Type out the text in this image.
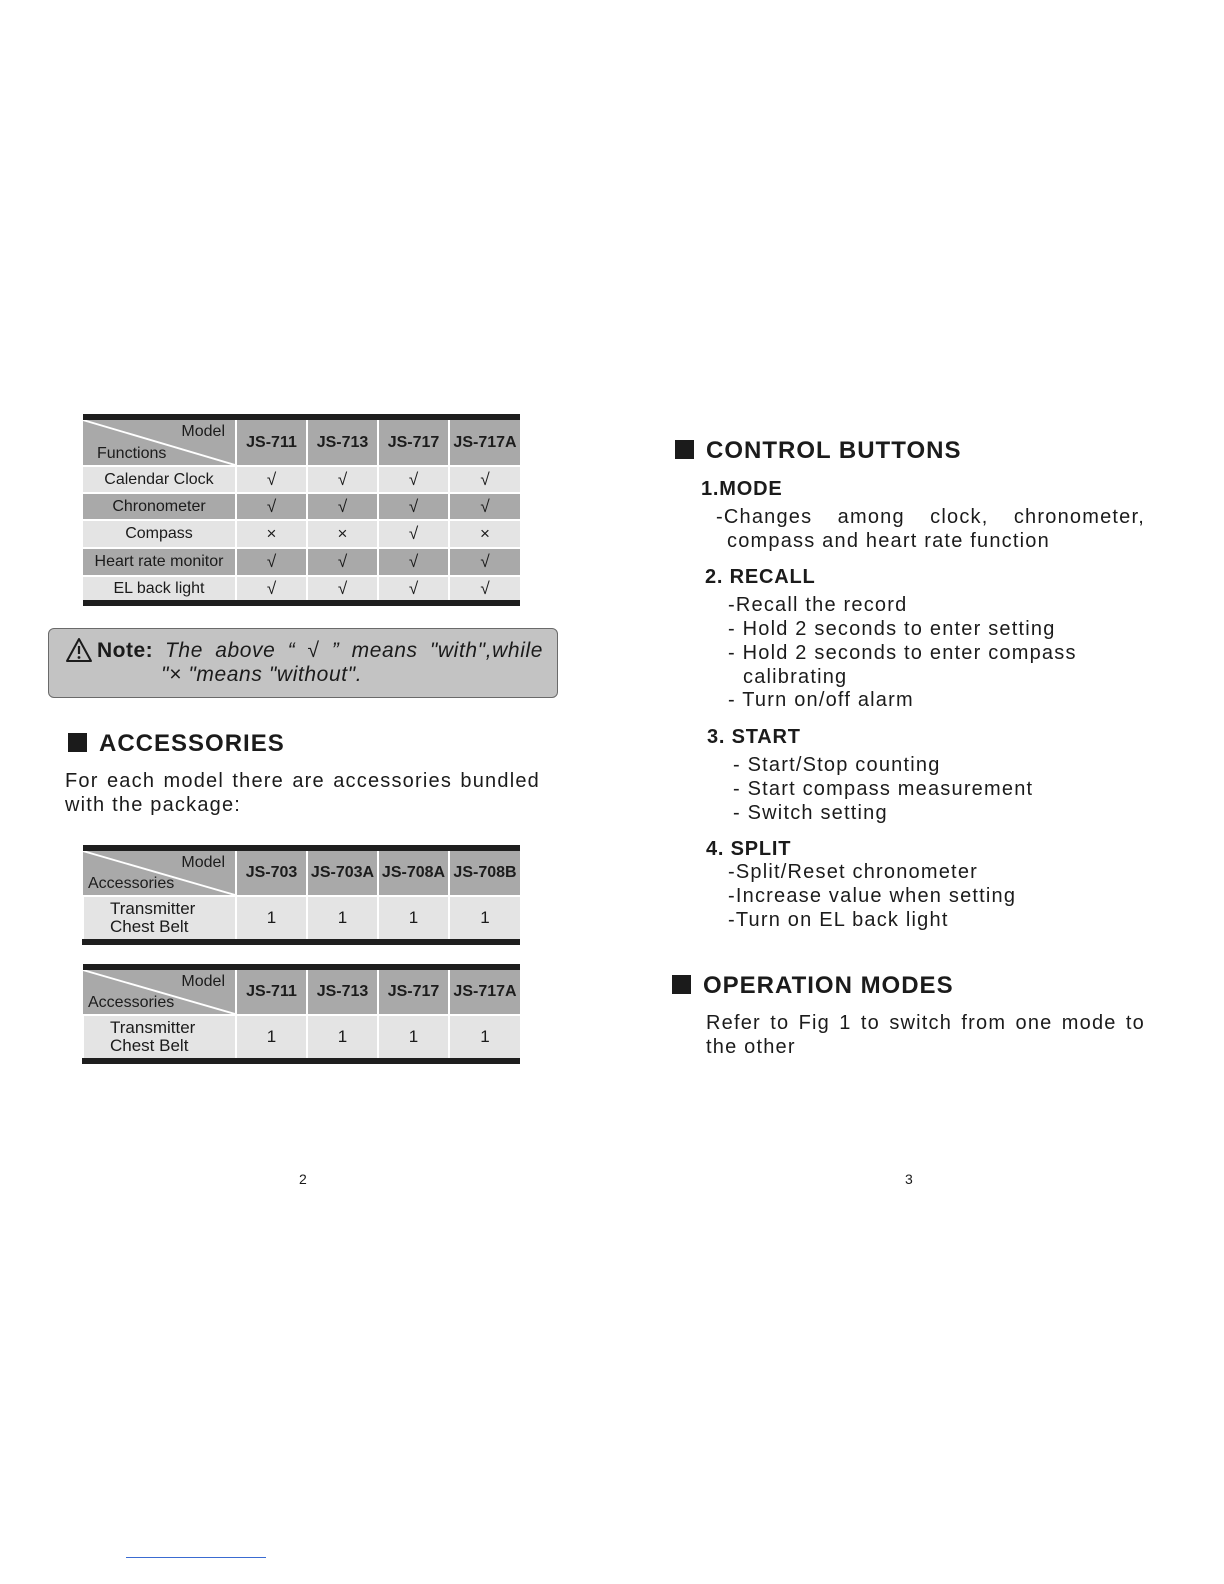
Model
Functions	JS-711	JS-713	JS-717	JS-717A
Calendar Clock	√	√	√	√
Chronometer	√	√	√	√
Compass	×	×	√	×
Heart rate monitor	√	√	√	√
EL back light	√	√	√	√
Note: The above “ √ ” means "with",while
"× "means "without".
ACCESSORIES
For each model there are accessories bundled
with the package:
Model
Accessories	JS-703	JS-703A	JS-708A	JS-708B
Transmitter
Chest Belt	1	1	1	1
Model
Accessories	JS-711	JS-713	JS-717	JS-717A
Transmitter
Chest Belt	1	1	1	1
2
CONTROL BUTTONS
1.MODE
-Changes among clock, chronometer,
compass and heart rate function
2. RECALL
-Recall the record
- Hold 2 seconds to enter setting
- Hold 2 seconds to enter compass
calibrating
- Turn on/off alarm
3. START
- Start/Stop counting
- Start compass measurement
- Switch setting
4. SPLIT
-Split/Reset chronometer
-Increase value when setting
-Turn on EL back light
OPERATION MODES
Refer to Fig 1 to switch from one mode to
the other
3
